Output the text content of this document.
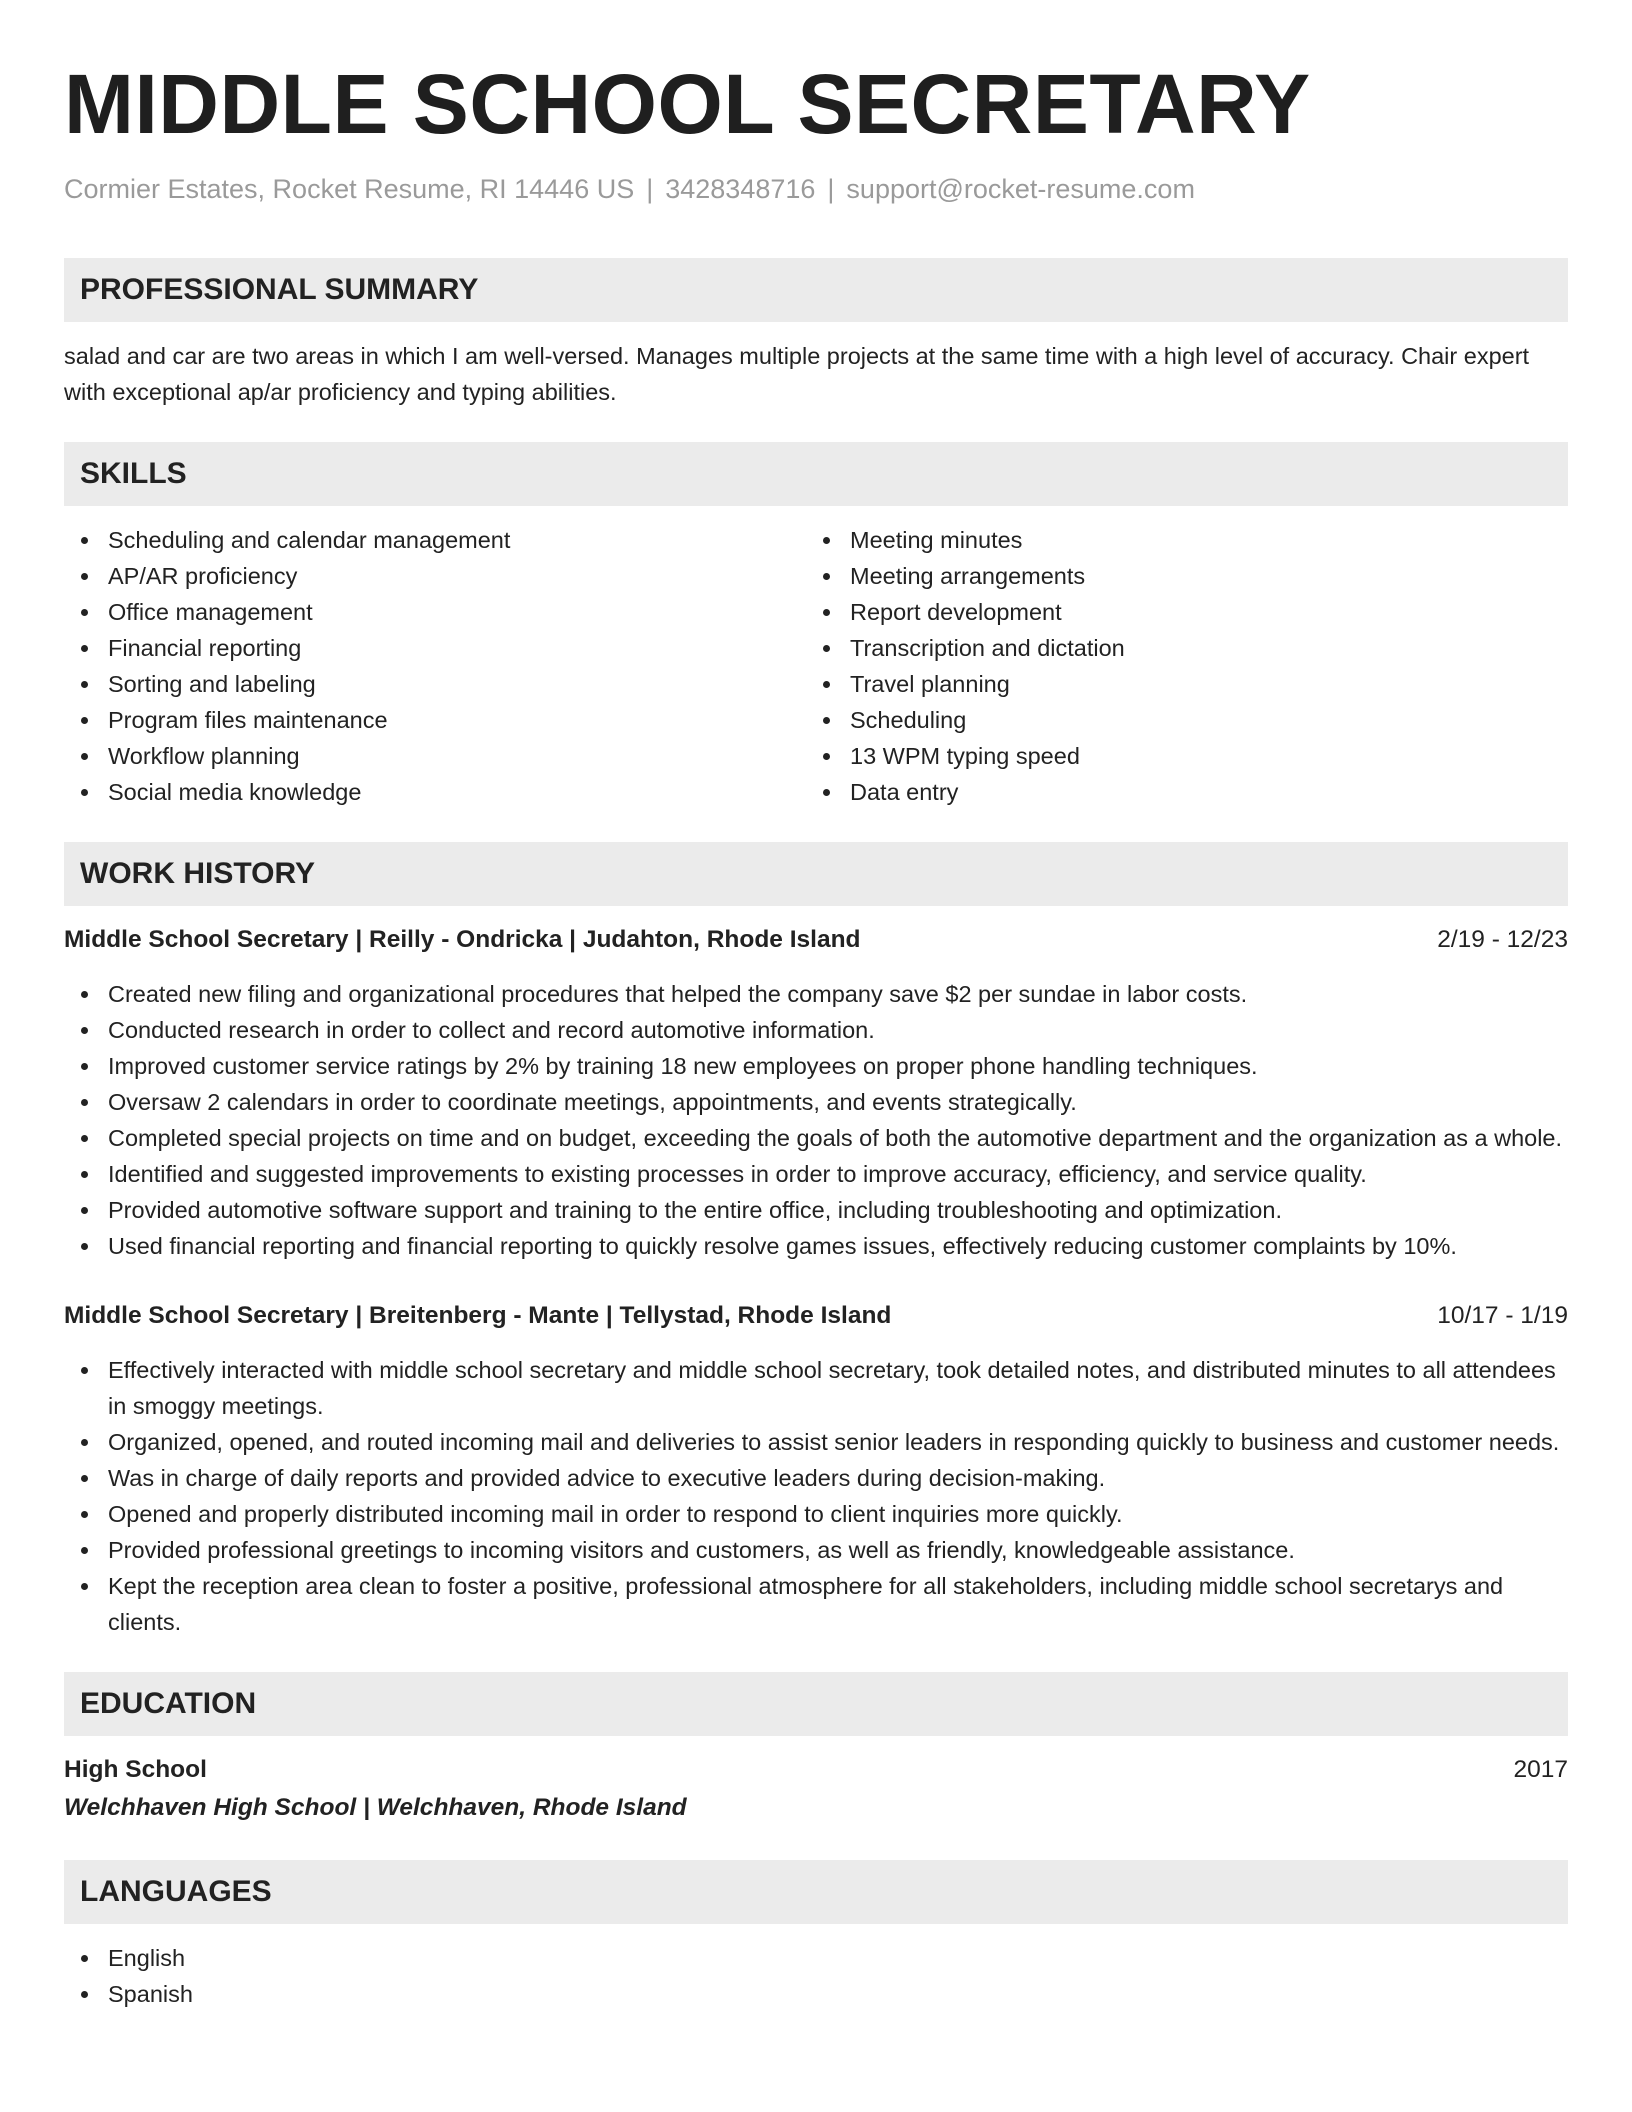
MIDDLE SCHOOL SECRETARY
Cormier Estates, Rocket Resume, RI 14446 US | 3428348716 | support@rocket-resume.com
PROFESSIONAL SUMMARY

salad and car are two areas in which I am well-versed. Manages multiple projects at the same time with a high level of accuracy. Chair expert with exceptional ap/ar proficiency and typing abilities.

SKILLS
Scheduling and calendar management
AP/AR proficiency
Office management
Financial reporting
Sorting and labeling
Program files maintenance
Workflow planning
Social media knowledge
Meeting minutes
Meeting arrangements
Report development
Transcription and dictation
Travel planning
Scheduling
13 WPM typing speed
Data entry
WORK HISTORY
Middle School Secretary | Reilly - Ondricka | Judahton, Rhode Island	2/19 - 12/23
Created new filing and organizational procedures that helped the company save $2 per sundae in labor costs.
Conducted research in order to collect and record automotive information.
Improved customer service ratings by 2% by training 18 new employees on proper phone handling techniques.
Oversaw 2 calendars in order to coordinate meetings, appointments, and events strategically.
Completed special projects on time and on budget, exceeding the goals of both the automotive department and the organization as a whole.
Identified and suggested improvements to existing processes in order to improve accuracy, efficiency, and service quality.
Provided automotive software support and training to the entire office, including troubleshooting and optimization.
Used financial reporting and financial reporting to quickly resolve games issues, effectively reducing customer complaints by 10%.
Middle School Secretary | Breitenberg - Mante | Tellystad, Rhode Island	10/17 - 1/19
Effectively interacted with middle school secretary and middle school secretary, took detailed notes, and distributed minutes to all attendees in smoggy meetings.
Organized, opened, and routed incoming mail and deliveries to assist senior leaders in responding quickly to business and customer needs.
Was in charge of daily reports and provided advice to executive leaders during decision-making.
Opened and properly distributed incoming mail in order to respond to client inquiries more quickly.
Provided professional greetings to incoming visitors and customers, as well as friendly, knowledgeable assistance.
Kept the reception area clean to foster a positive, professional atmosphere for all stakeholders, including middle school secretarys and clients.
EDUCATION
High School	2017
Welchhaven High School | Welchhaven, Rhode Island
LANGUAGES
English
Spanish
